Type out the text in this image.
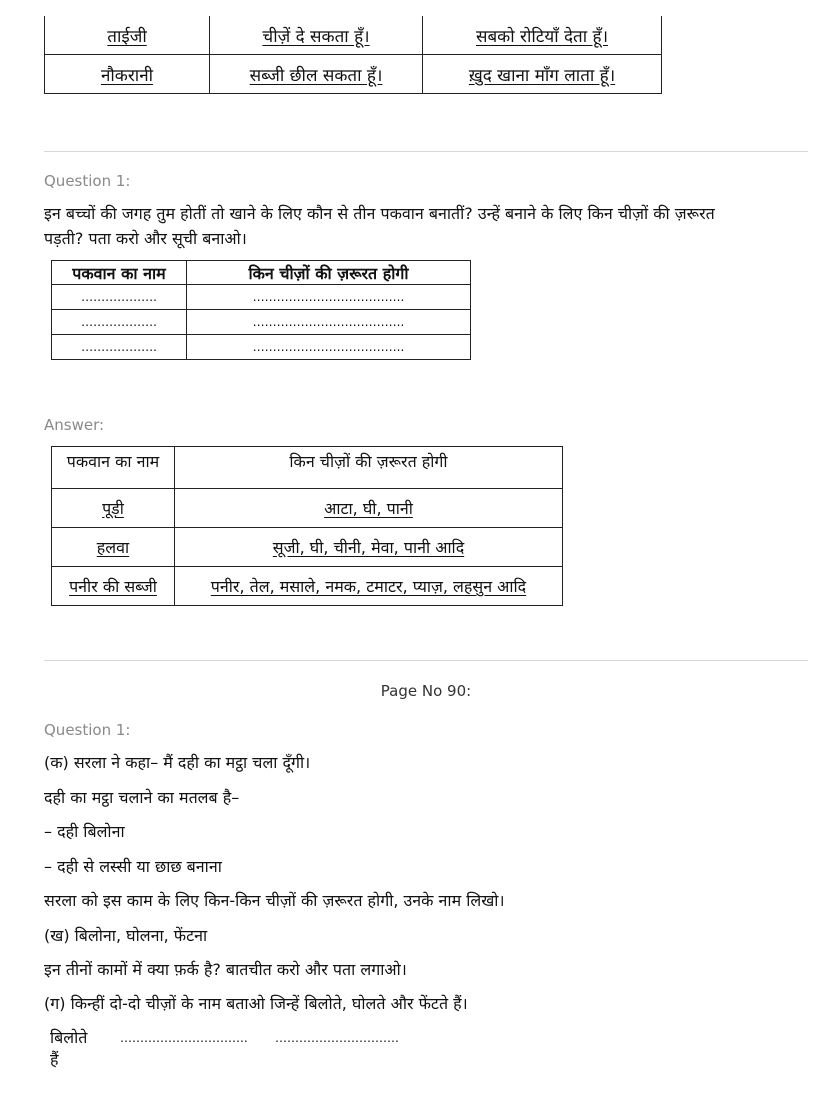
ताईजी	चीज़ें दे सकता हूँ।	सबको रोटियाँ देता हूँ।
नौकरानी	सब्जी छील सकता हूँ।	ख़ुद खाना माँग लाता हूँ।
Question 1:
इन बच्चों की जगह तुम होतीं तो खाने के लिए कौन से तीन पकवान बनातीं? उन्हें बनाने के लिए किन चीज़ों की ज़रूरत
पड़ती? पता करो और सूची बनाओ।
पकवान का नाम	किन चीज़ों की ज़रूरत होगी
……………….	………………………………..
……………….	………………………………..
……………….	………………………………..
Answer:
पकवान का नाम	किन चीज़ों की ज़रूरत होगी
पूड़ी	आटा, घी, पानी
हलवा	सूजी, घी, चीनी, मेवा, पानी आदि
पनीर की सब्जी	पनीर, तेल, मसाले, नमक, टमाटर, प्याज़, लहसुन आदि
Page No 90:
Question 1:
(क) सरला ने कहा– मैं दही का मट्ठा चला दूँगी।
दही का मट्ठा चलाने का मतलब है–
– दही बिलोना
– दही से लस्सी या छाछ बनाना
सरला को इस काम के लिए किन-किन चीज़ों की ज़रूरत होगी, उनके नाम लिखो।
(ख) बिलोना, घोलना, फेंटना
इन तीनों कामों में क्या फ़र्क है? बातचीत करो और पता लगाओ।
(ग) किन्हीं दो-दो चीज़ों के नाम बताओ जिन्हें बिलोते, घोलते और फेंटते हैं।
बिलोते
हैं
………………………….. ………………………….
